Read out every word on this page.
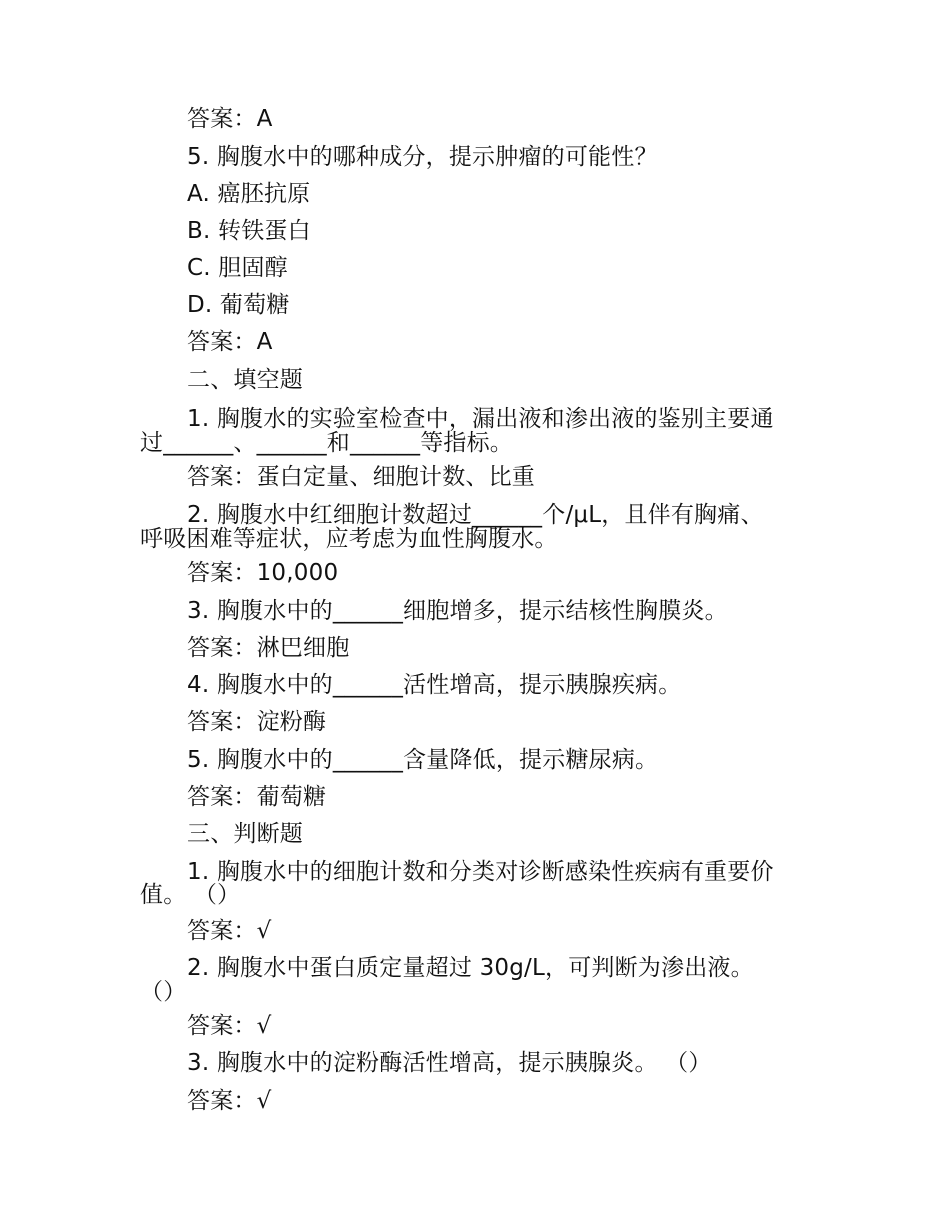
答案：A
5. 胸腹水中的哪种成分，提示肿瘤的可能性？
A. 癌胚抗原
B. 转铁蛋白
C. 胆固醇
D. 葡萄糖
答案：A
二、填空题
1. 胸腹水的实验室检查中，漏出液和渗出液的鉴别主要通
过______、______和______等指标。
答案：蛋白定量、细胞计数、比重
2. 胸腹水中红细胞计数超过______个/μL，且伴有胸痛、
呼吸困难等症状，应考虑为血性胸腹水。
答案：10,000
3. 胸腹水中的______细胞增多，提示结核性胸膜炎。
答案：淋巴细胞
4. 胸腹水中的______活性增高，提示胰腺疾病。
答案：淀粉酶
5. 胸腹水中的______含量降低，提示糖尿病。
答案：葡萄糖
三、判断题
1. 胸腹水中的细胞计数和分类对诊断感染性疾病有重要价
值。 （）
答案：√
2. 胸腹水中蛋白质定量超过 30g/L，可判断为渗出液。
（）
答案：√
3. 胸腹水中的淀粉酶活性增高，提示胰腺炎。 （）
答案：√
